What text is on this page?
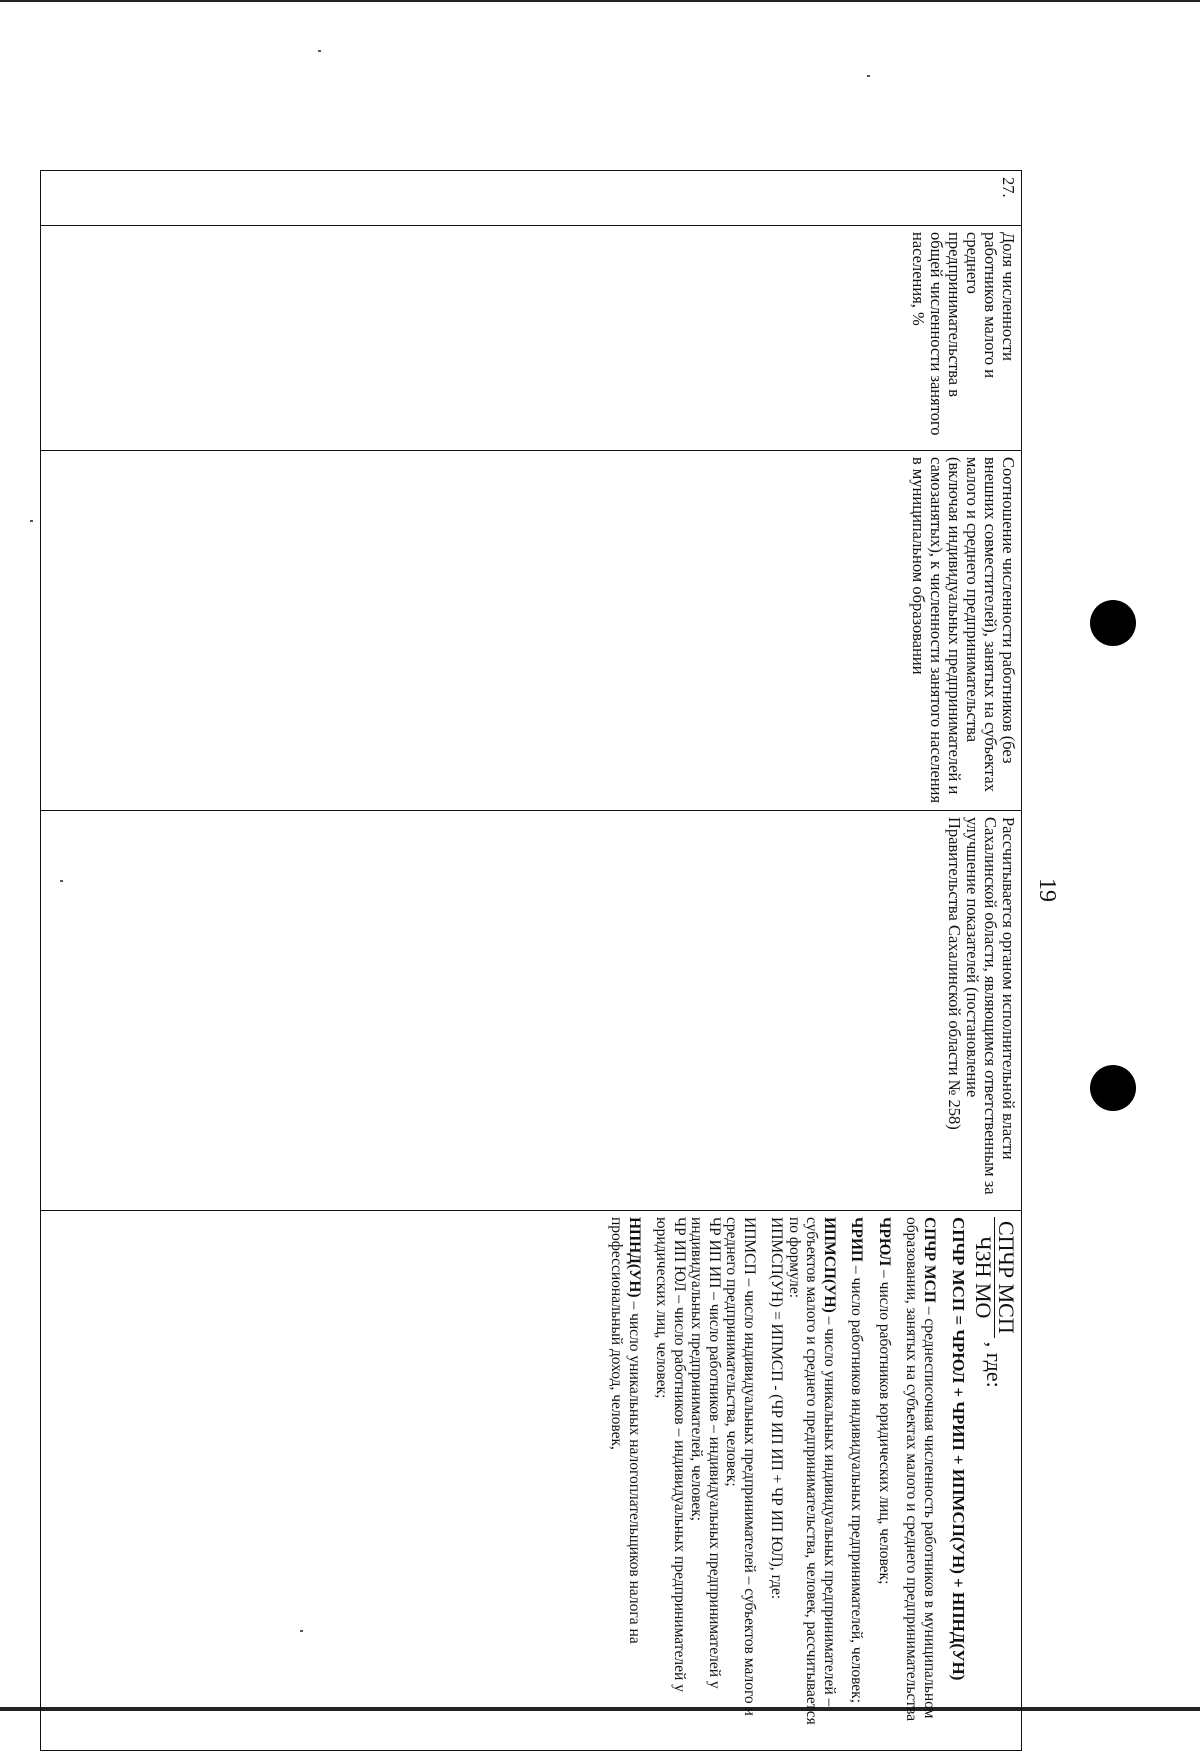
19
27.	Доля численности работников малого и среднего предпринимательства в общей численности занятого населения, %	Соотношение численности работников (без внешних совместителей), занятых на субъектах малого и среднего предпринимательства (включая индивидуальных предпринимателей и самозанятых), к численности занятого населения в муниципальном образовании	Рассчитывается органом исполнительной власти Сахалинской области, являющимся ответственным за улучшение показателей (постановление Правительства Сахалинской области № 258)	
СПЧР МСП
ЧЗН МО
, где:
СПЧР МСП = ЧРЮЛ + ЧРИП + ИПМСП(УН) + НПНД(УН)

СПЧР МСП – среднесписочная численность работников в муниципальном образовании, занятых на субъектах малого и среднего предпринимательства

ЧРЮЛ – число работников юридических лиц, человек;

ЧРИП – число работников индивидуальных предпринимателей, человек;

ИПМСП(УН) – число уникальных индивидуальных предпринимателей – субъектов малого и среднего предпринимательства, человек, рассчитывается по формуле:

ИПМСП(УН) = ИПМСП - (ЧР ИП ИП + ЧР ИП ЮЛ), где:

ИПМСП – число индивидуальных предпринимателей – субъектов малого и среднего предпринимательства, человек;

ЧР ИП ИП – число работников – индивидуальных предпринимателей у индивидуальных предпринимателей, человек;

ЧР ИП ЮЛ – число работников – индивидуальных предпринимателей у юридических лиц, человек;

НПНД(УН) – число уникальных налогоплательщиков налога на профессиональный доход, человек,
